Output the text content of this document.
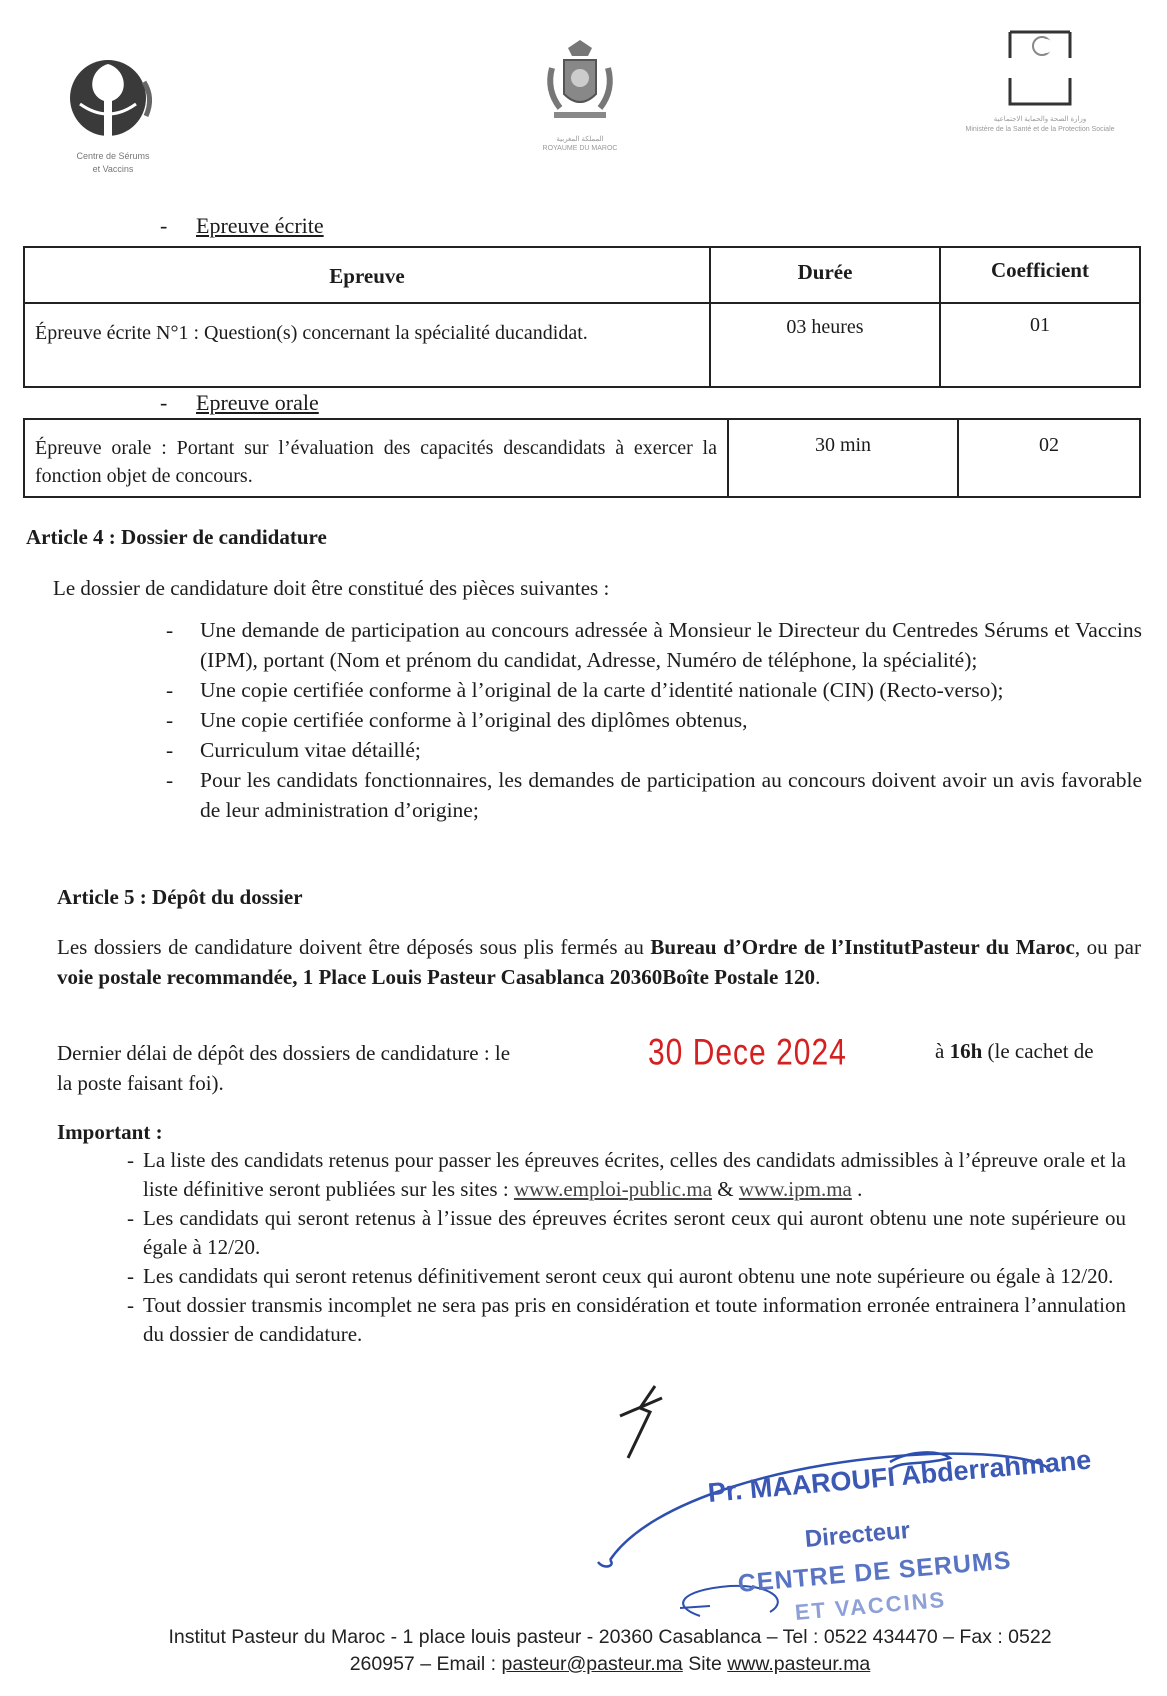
Centre de Sérums
et Vaccins
المملكة المغربية
ROYAUME DU MAROC
وزارة الصحة والحماية الاجتماعية
Ministère de la Santé et de la Protection Sociale
- Epreuve écrite
Epreuve	Durée	Coefficient
Épreuve écrite N°1 : Question(s) concernant la spécialité ducandidat.	03 heures	01
- Epreuve orale
Épreuve orale : Portant sur l’évaluation des capacités descandidats à exercer la fonction objet de concours.	30 min	02
Article 4 : Dossier de candidature
Le dossier de candidature doit être constitué des pièces suivantes :
- Une demande de participation au concours adressée à Monsieur le Directeur du Centredes Sérums et Vaccins (IPM), portant (Nom et prénom du candidat, Adresse, Numéro de téléphone, la spécialité);
- Une copie certifiée conforme à l’original de la carte d’identité nationale (CIN) (Recto-verso);
- Une copie certifiée conforme à l’original des diplômes obtenus,
- Curriculum vitae détaillé;
- Pour les candidats fonctionnaires, les demandes de participation au concours doivent avoir un avis favorable de leur administration d’origine;
Article 5 : Dépôt du dossier

Les dossiers de candidature doivent être déposés sous plis fermés au Bureau d’Ordre de l’InstitutPasteur du Maroc, ou par voie postale recommandée, 1 Place Louis Pasteur Casablanca 20360Boîte Postale 120.

Dernier délai de dépôt des dossiers de candidature : le	30 Dece 2024	à 16h (le cachet de
la poste faisant foi).
Important :
- La liste des candidats retenus pour passer les épreuves écrites, celles des candidats admissibles à l’épreuve orale et la liste définitive seront publiées sur les sites : www.emploi-public.ma & www.ipm.ma .
- Les candidats qui seront retenus à l’issue des épreuves écrites seront ceux qui auront obtenu une note supérieure ou égale à 12/20.
- Les candidats qui seront retenus définitivement seront ceux qui auront obtenu une note supérieure ou égale à 12/20.
- Tout dossier transmis incomplet ne sera pas pris en considération et toute information erronée entrainera l’annulation du dossier de candidature.
Pr. MAAROUFI Abderrahmane
Directeur
CENTRE DE SERUMS
ET VACCINS
Institut Pasteur du Maroc - 1 place louis pasteur - 20360 Casablanca – Tel : 0522 434470 – Fax : 0522
260957 – Email : pasteur@pasteur.ma Site www.pasteur.ma
